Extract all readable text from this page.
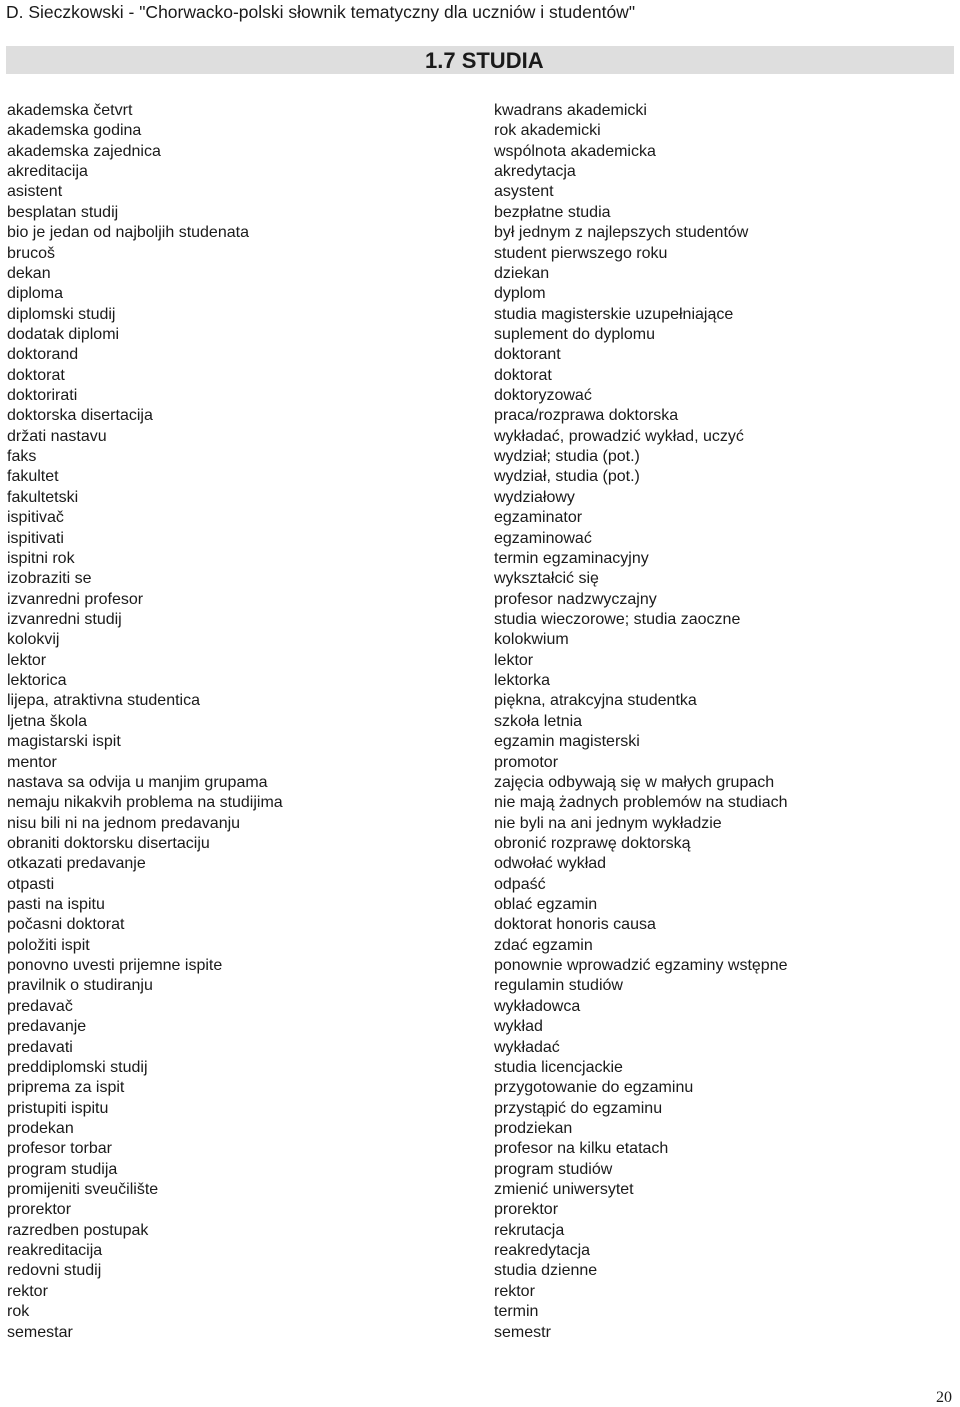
D. Sieczkowski - "Chorwacko-polski słownik tematyczny dla uczniów i studentów"
1.7 STUDIA
akademska četvrt	kwadrans akademicki
akademska godina	rok akademicki
akademska zajednica	wspólnota akademicka
akreditacija	akredytacja
asistent	asystent
besplatan studij	bezpłatne studia
bio je jedan od najboljih studenata	był jednym z najlepszych studentów
brucoš	student pierwszego roku
dekan	dziekan
diploma	dyplom
diplomski studij	studia magisterskie uzupełniające
dodatak diplomi	suplement do dyplomu
doktorand	doktorant
doktorat	doktorat
doktorirati	doktoryzować
doktorska disertacija	praca/rozprawa doktorska
držati nastavu	wykładać, prowadzić wykład, uczyć
faks	wydział; studia (pot.)
fakultet	wydział, studia (pot.)
fakultetski	wydziałowy
ispitivač	egzaminator
ispitivati	egzaminować
ispitni rok	termin egzaminacyjny
izobraziti se	wykształcić się
izvanredni profesor	profesor nadzwyczajny
izvanredni studij	studia wieczorowe; studia zaoczne
kolokvij	kolokwium
lektor	lektor
lektorica	lektorka
lijepa, atraktivna studentica	piękna, atrakcyjna studentka
ljetna škola	szkoła letnia
magistarski ispit	egzamin magisterski
mentor	promotor
nastava sa odvija u manjim grupama	zajęcia odbywają się w małych grupach
nemaju nikakvih problema na studijima	nie mają żadnych problemów na studiach
nisu bili ni na jednom predavanju	nie byli na ani jednym wykładzie
obraniti doktorsku disertaciju	obronić rozprawę doktorską
otkazati predavanje	odwołać wykład
otpasti	odpaść
pasti na ispitu	oblać egzamin
počasni doktorat	doktorat honoris causa
položiti ispit	zdać egzamin
ponovno uvesti prijemne ispite	ponownie wprowadzić egzaminy wstępne
pravilnik o studiranju	regulamin studiów
predavač	wykładowca
predavanje	wykład
predavati	wykładać
preddiplomski studij	studia licencjackie
priprema za ispit	przygotowanie do egzaminu
pristupiti ispitu	przystąpić do egzaminu
prodekan	prodziekan
profesor torbar	profesor na kilku etatach
program studija	program studiów
promijeniti sveučilište	zmienić uniwersytet
prorektor	prorektor
razredben postupak	rekrutacja
reakreditacija	reakredytacja
redovni studij	studia dzienne
rektor	rektor
rok	termin
semestar	semestr
20
